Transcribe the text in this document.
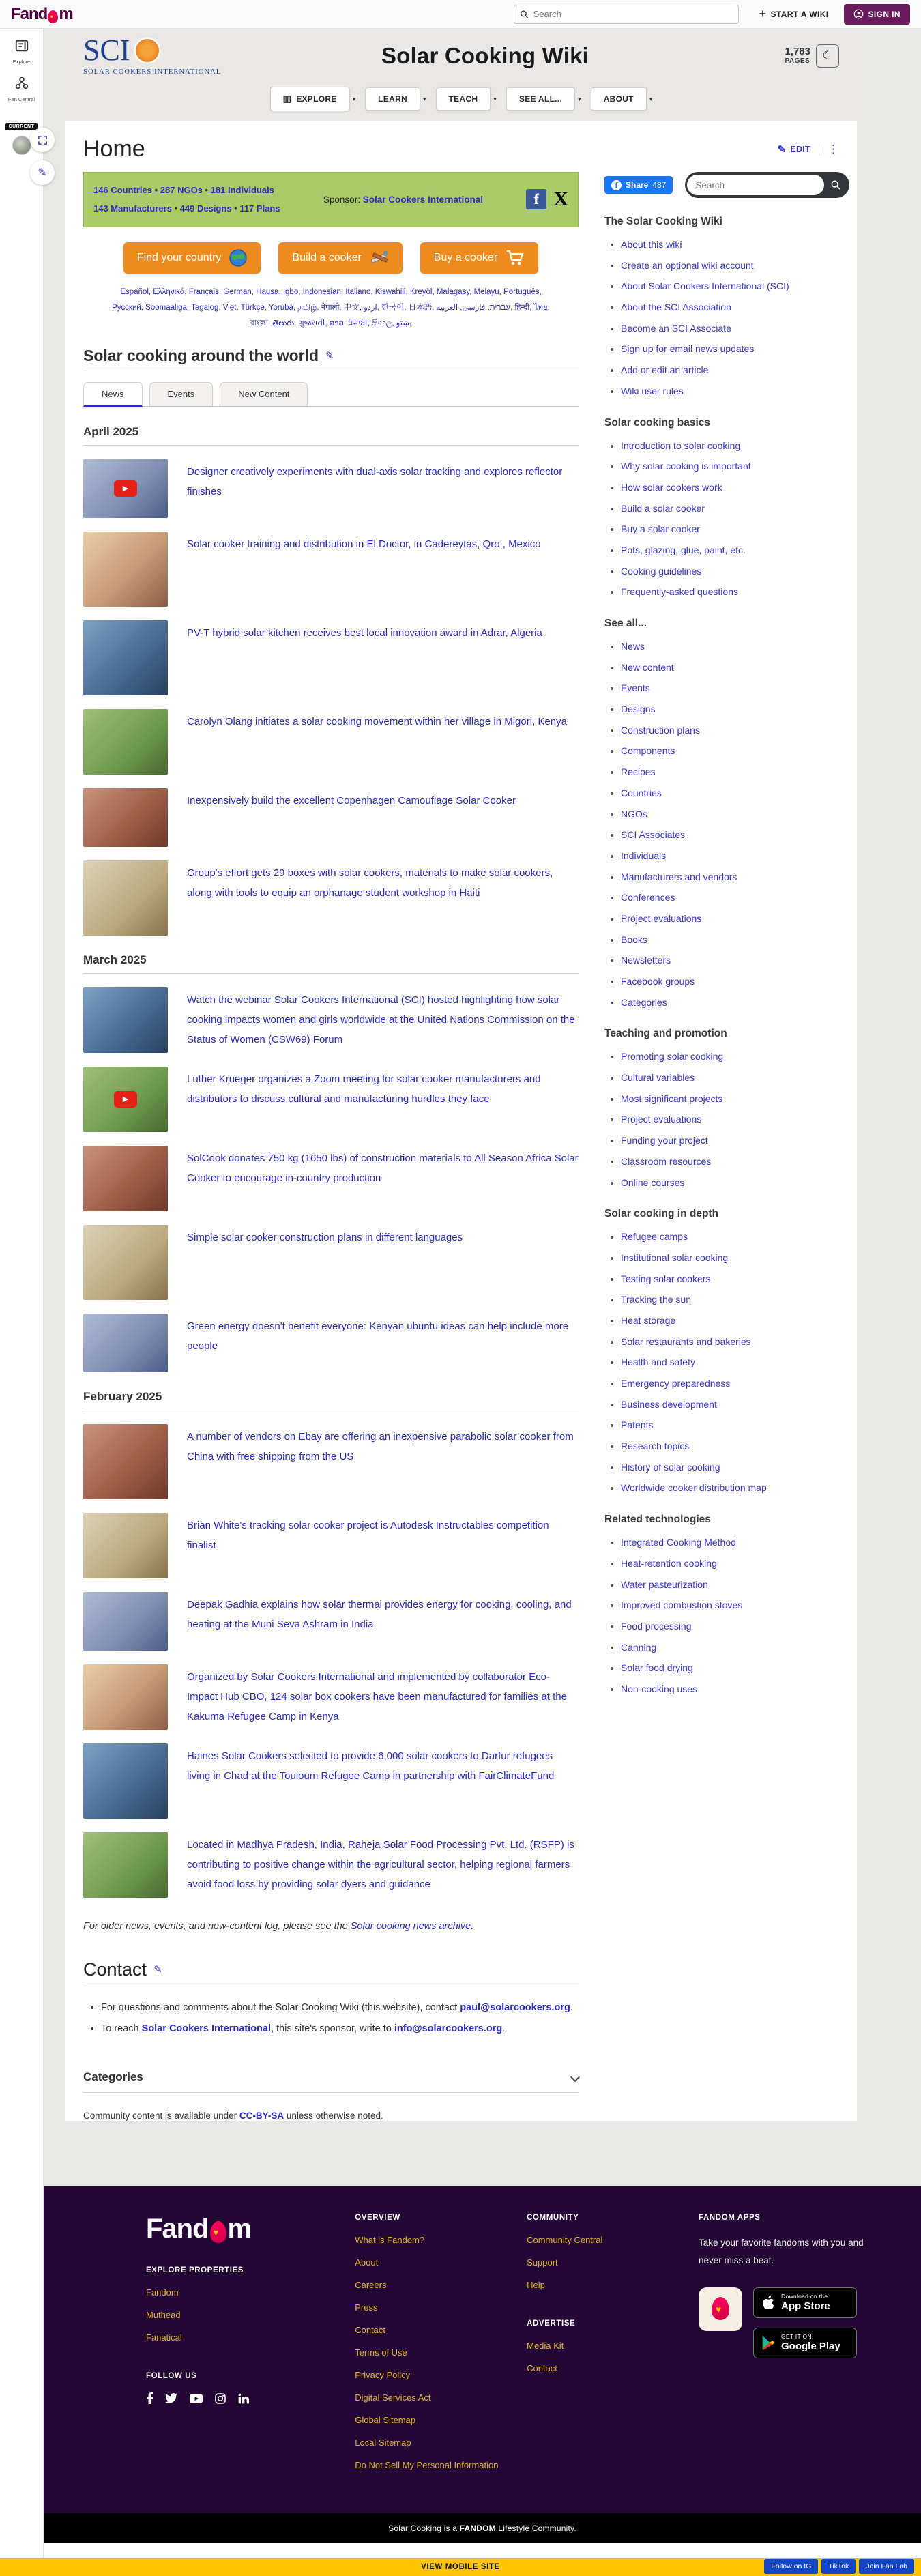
Fand ♥ m
Search	+ START A WIKI	SIGN IN
Explore
Fan Central
CURRENT
SCI
SOLAR COOKERS INTERNATIONAL
Solar Cooking Wiki	1,783
PAGES	☾
▥ EXPLORE	▾	LEARN	▾	TEACH	▾	SEE ALL...	▾	ABOUT	▾
✎
Home	✎ EDIT ⋮
146 Countries • 287 NGOs • 181 Individuals
143 Manufacturers • 449 Designs • 117 Plans
Sponsor: Solar Cookers International	f X
Find your country	Build a cooker	Buy a cooker

Español, Ελληνικά, Français, German, Hausa, Igbo, Indonesian, Italiano, Kiswahili, Kreyòl, Malagasy, Melayu, Português, Русский, Soomaaliga, Tagalog, Việt, Türkçe, Yorùbá, தமிழ், नेपाली, 中文, اردو, 한국어, 日本語, עברית, فارسی, العربية, हिन्दी, ไทย, বাংলা, తెలుగు, ગુજરાતી, ລາວ, ਪੰਜਾਬੀ, සිංහල, پښتو

Solar cooking around the world ✎
News	Events	New Content
April 2025
▶
Designer creatively experiments with dual-axis solar tracking and explores reflector finishes
Solar cooker training and distribution in El Doctor, in Cadereytas, Qro., Mexico
PV-T hybrid solar kitchen receives best local innovation award in Adrar, Algeria
Carolyn Olang initiates a solar cooking movement within her village in Migori, Kenya
Inexpensively build the excellent Copenhagen Camouflage Solar Cooker
Group's effort gets 29 boxes with solar cookers, materials to make solar cookers, along with tools to equip an orphanage student workshop in Haiti
March 2025
Watch the webinar Solar Cookers International (SCI) hosted highlighting how solar cooking impacts women and girls worldwide at the United Nations Commission on the Status of Women (CSW69) Forum
▶
Luther Krueger organizes a Zoom meeting for solar cooker manufacturers and distributors to discuss cultural and manufacturing hurdles they face
SolCook donates 750 kg (1650 lbs) of construction materials to All Season Africa Solar Cooker to encourage in-country production
Simple solar cooker construction plans in different languages
Green energy doesn't benefit everyone: Kenyan ubuntu ideas can help include more people
February 2025
A number of vendors on Ebay are offering an inexpensive parabolic solar cooker from China with free shipping from the US
Brian White's tracking solar cooker project is Autodesk Instructables competition finalist
Deepak Gadhia explains how solar thermal provides energy for cooking, cooling, and heating at the Muni Seva Ashram in India
Organized by Solar Cookers International and implemented by collaborator Eco-Impact Hub CBO, 124 solar box cookers have been manufactured for families at the Kakuma Refugee Camp in Kenya
Haines Solar Cookers selected to provide 6,000 solar cookers to Darfur refugees living in Chad at the Touloum Refugee Camp in partnership with FairClimateFund
Located in Madhya Pradesh, India, Raheja Solar Food Processing Pvt. Ltd. (RSFP) is contributing to positive change within the agricultural sector, helping regional farmers avoid food loss by providing solar dyers and guidance

For older news, events, and new-content log, please see the Solar cooking news archive.

Contact ✎
• For questions and comments about the Solar Cooking Wiki (this website), contact paul@solarcookers.org.
• To reach Solar Cookers International, this site's sponsor, write to info@solarcookers.org.
Categories

Community content is available under CC-BY-SA unless otherwise noted.

f Share 487
Search
The Solar Cooking Wiki
• About this wiki
• Create an optional wiki account
• About Solar Cookers International (SCI)
• About the SCI Association
• Become an SCI Associate
• Sign up for email news updates
• Add or edit an article
• Wiki user rules
Solar cooking basics
• Introduction to solar cooking
• Why solar cooking is important
• How solar cookers work
• Build a solar cooker
• Buy a solar cooker
• Pots, glazing, glue, paint, etc.
• Cooking guidelines
• Frequently-asked questions
See all...
• News
• New content
• Events
• Designs
• Construction plans
• Components
• Recipes
• Countries
• NGOs
• SCI Associates
• Individuals
• Manufacturers and vendors
• Conferences
• Project evaluations
• Books
• Newsletters
• Facebook groups
• Categories
Teaching and promotion
• Promoting solar cooking
• Cultural variables
• Most significant projects
• Project evaluations
• Funding your project
• Classroom resources
• Online courses
Solar cooking in depth
• Refugee camps
• Institutional solar cooking
• Testing solar cookers
• Tracking the sun
• Heat storage
• Solar restaurants and bakeries
• Health and safety
• Emergency preparedness
• Business development
• Patents
• Research topics
• History of solar cooking
• Worldwide cooker distribution map
Related technologies
• Integrated Cooking Method
• Heat-retention cooking
• Water pasteurization
• Improved combustion stoves
• Food processing
• Canning
• Solar food drying
• Non-cooking uses
Fand ♥ m
EXPLORE PROPERTIES
Fandom
Muthead
Fanatical
FOLLOW US
OVERVIEW
What is Fandom?
About
Careers
Press
Contact
Terms of Use
Privacy Policy
Digital Services Act
Global Sitemap
Local Sitemap
Do Not Sell My Personal Information
COMMUNITY
Community Central
Support
Help
ADVERTISE
Media Kit
Contact
FANDOM APPS

Take your favorite fandoms with you and never miss a beat.

♥
Download on the
App Store
GET IT ON
Google Play
Solar Cooking is a FANDOM Lifestyle Community.
VIEW MOBILE SITE	Follow on IG	TikTok	Join Fan Lab
